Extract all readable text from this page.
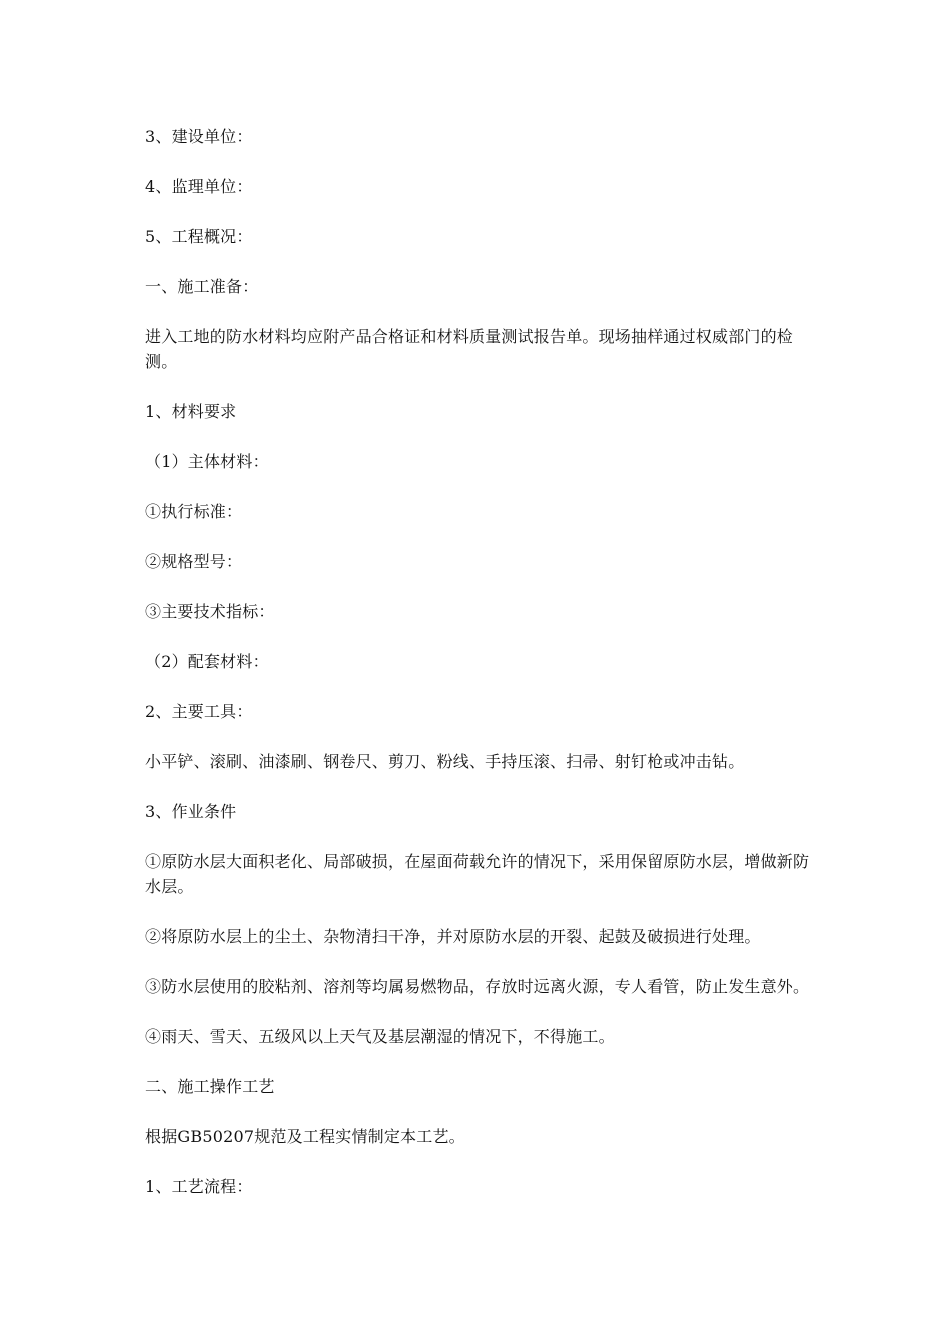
3、建设单位：

4、监理单位：

5、工程概况：

一、施工准备：

进入工地的防水材料均应附产品合格证和材料质量测试报告单。现场抽样通过权威部门的检测。

1、材料要求

（1）主体材料：

①执行标准：

②规格型号：

③主要技术指标：

（2）配套材料：

2、主要工具：

小平铲、滚刷、油漆刷、钢卷尺、剪刀、粉线、手持压滚、扫帚、射钉枪或冲击钻。

3、作业条件

①原防水层大面积老化、局部破损，在屋面荷载允许的情况下，采用保留原防水层，增做新防水层。

②将原防水层上的尘土、杂物清扫干净，并对原防水层的开裂、起鼓及破损进行处理。

③防水层使用的胶粘剂、溶剂等均属易燃物品，存放时远离火源，专人看管，防止发生意外。

④雨天、雪天、五级风以上天气及基层潮湿的情况下，不得施工。

二、施工操作工艺

根据GB50207规范及工程实情制定本工艺。

1、工艺流程：
